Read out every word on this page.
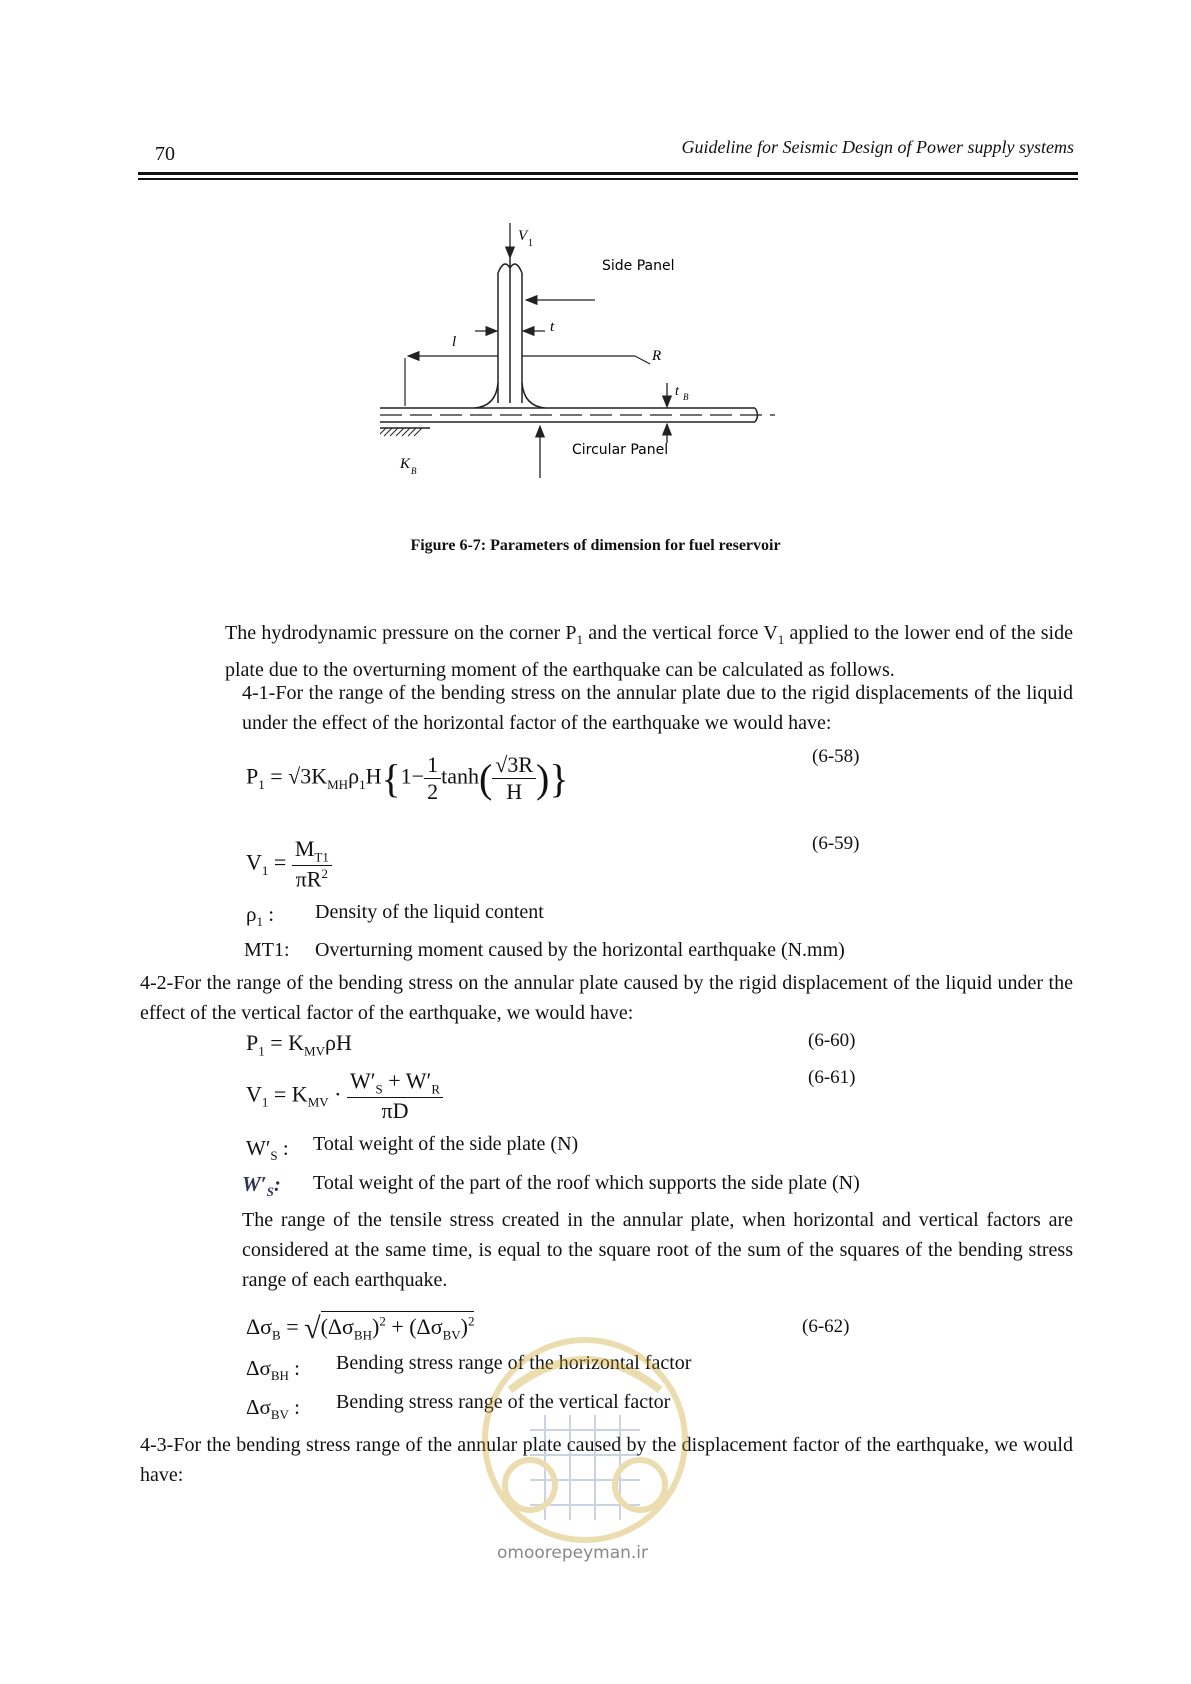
70	Guideline for Seismic Design of Power supply systems
V 1
Side Panel
t
l
R
t B
Circular Panel
K B
Figure 6-7: Parameters of dimension for fuel reservoir
The hydrodynamic pressure on the corner $P_1$ and the vertical force $V_1$ applied to the lower end of the side plate due to the overturning moment of the earthquake can be calculated as follows.
4-1-For the range of the bending stress on the annular plate due to the rigid displacements of the liquid under the effect of the horizontal factor of the earthquake we would have:
$P_1 = √3K_{MH}\rho_1H\{1- \frac{1}{2} \tanh( \frac{√3R}{H}$ )}	(6-58)
$V_1 = \frac{M_{T1}}{\pi R^2}$	(6-59)
$\rho_1$ : Density of the liquid content
MT1: Overturning moment caused by the horizontal earthquake (N.mm)
4-2-For the range of the bending stress on the annular plate caused by the rigid displacement of the liquid under the effect of the vertical factor of the earthquake, we would have:
$P_1 = K_{MV}\rho H$	(6-60)
$V_1 = K_{MV} \cdot \frac{W'_S + W'_R}{\pi D}$	(6-61)
$W'_S$ : Total weight of the side plate (N)
$W'_S$: Total weight of the part of the roof which supports the side plate (N)
The range of the tensile stress created in the annular plate, when horizontal and vertical factors are considered at the same time, is equal to the square root of the sum of the squares of the bending stress range of each earthquake.
$\Delta\sigma_B = √(\Delta\sigma_{BH})^2 + (\Delta\sigma_{BV})^2$	(6-62)
$\Delta\sigma_{BH}$ : Bending stress range of the horizontal factor
$\Delta\sigma_{BV}$ : Bending stress range of the vertical factor
4-3-For the bending stress range of the annular plate caused by the displacement factor of the earthquake, we would have:
omoorepeyman.ir
